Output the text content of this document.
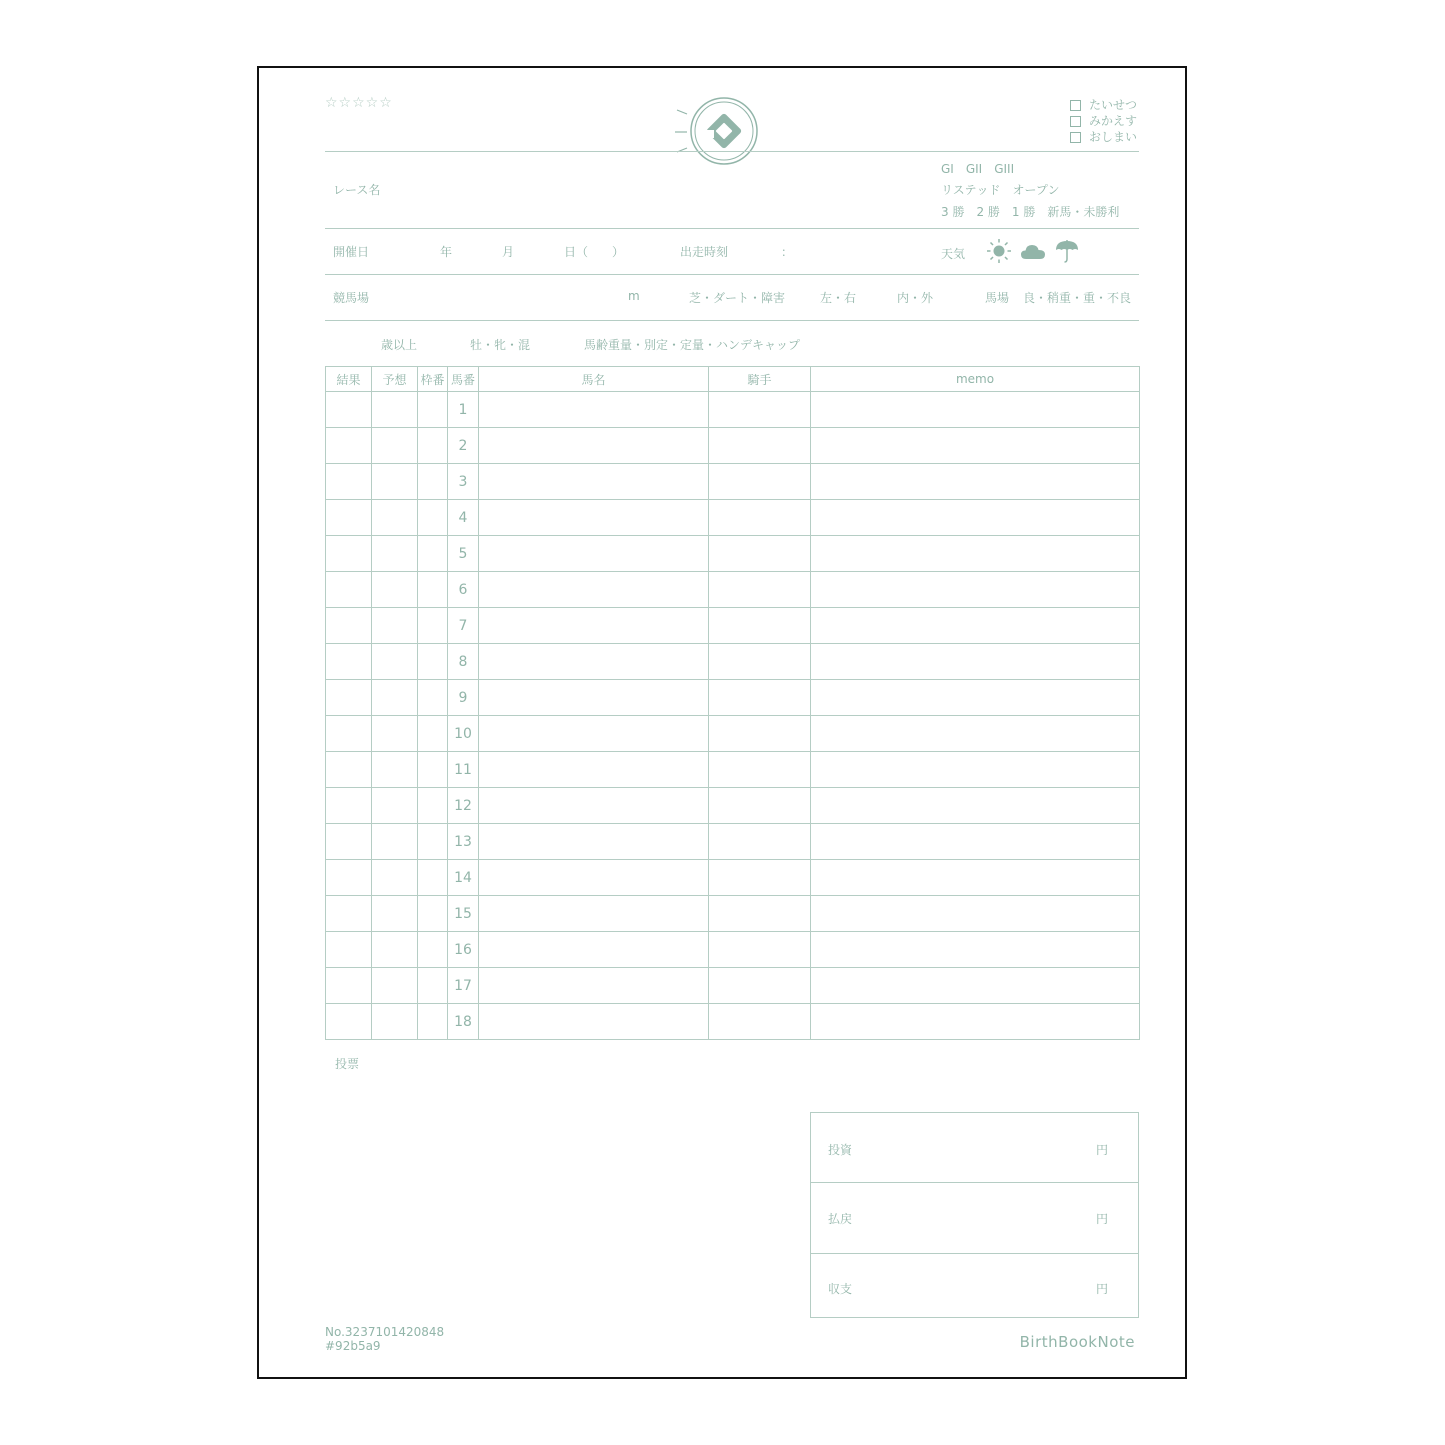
☆☆☆☆☆	たいせつ
みかえす
おしまい
レース名
GI　GII　GIII
リステッド　オープン
3 勝　2 勝　1 勝　新馬・未勝利
開催日	年	月	日（　　）	出走時刻	：	天気
競馬場	m	芝・ダート・障害	左・右	内・外	馬場 良・稍重・重・不良
歳以上	牡・牝・混	馬齢重量・別定・定量・ハンデキャップ
結果	予想	枠番	馬番	馬名	騎手	memo
			1			
			2			
			3			
			4			
			5			
			6			
			7			
			8			
			9			
			10			
			11			
			12			
			13			
			14			
			15			
			16			
			17			
			18			
投票
投資	円
払戻	円
収支	円
No.3237101420848
#92b5a9	BirthBookNote
